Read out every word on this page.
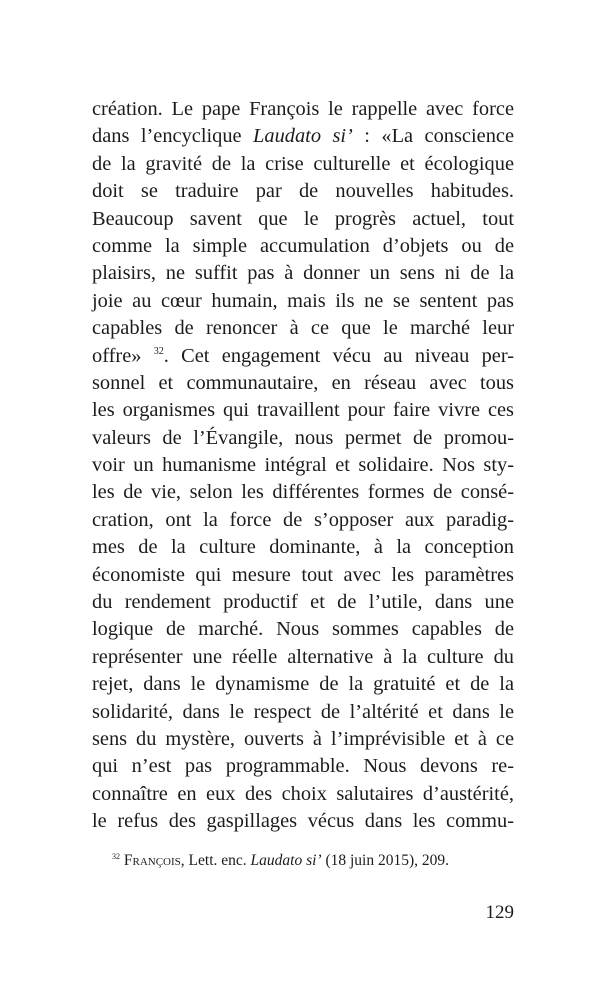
création. Le pape François le rappelle avec force
dans l’encyclique Laudato si’ : «La conscience
de la gravité de la crise culturelle et écologique
doit se traduire par de nouvelles habitudes.
Beaucoup savent que le progrès actuel, tout
comme la simple accumulation d’objets ou de
plaisirs, ne suffit pas à donner un sens ni de la
joie au cœur humain, mais ils ne se sentent pas
capables de renoncer à ce que le marché leur
offre» $^{32}$. Cet engagement vécu au niveau per-
sonnel et communautaire, en réseau avec tous
les organismes qui travaillent pour faire vivre ces
valeurs de l’Évangile, nous permet de promou-
voir un humanisme intégral et solidaire. Nos sty-
les de vie, selon les différentes formes de consé-
cration, ont la force de s’opposer aux paradig-
mes de la culture dominante, à la conception
économiste qui mesure tout avec les paramètres
du rendement productif et de l’utile, dans une
logique de marché. Nous sommes capables de
représenter une réelle alternative à la culture du
rejet, dans le dynamisme de la gratuité et de la
solidarité, dans le respect de l’altérité et dans le
sens du mystère, ouverts à l’imprévisible et à ce
qui n’est pas programmable. Nous devons re-
connaître en eux des choix salutaires d’austérité,
le refus des gaspillages vécus dans les commu-
$^{32}$ François, Lett. enc. Laudato si’ (18 juin 2015), 209.
129
